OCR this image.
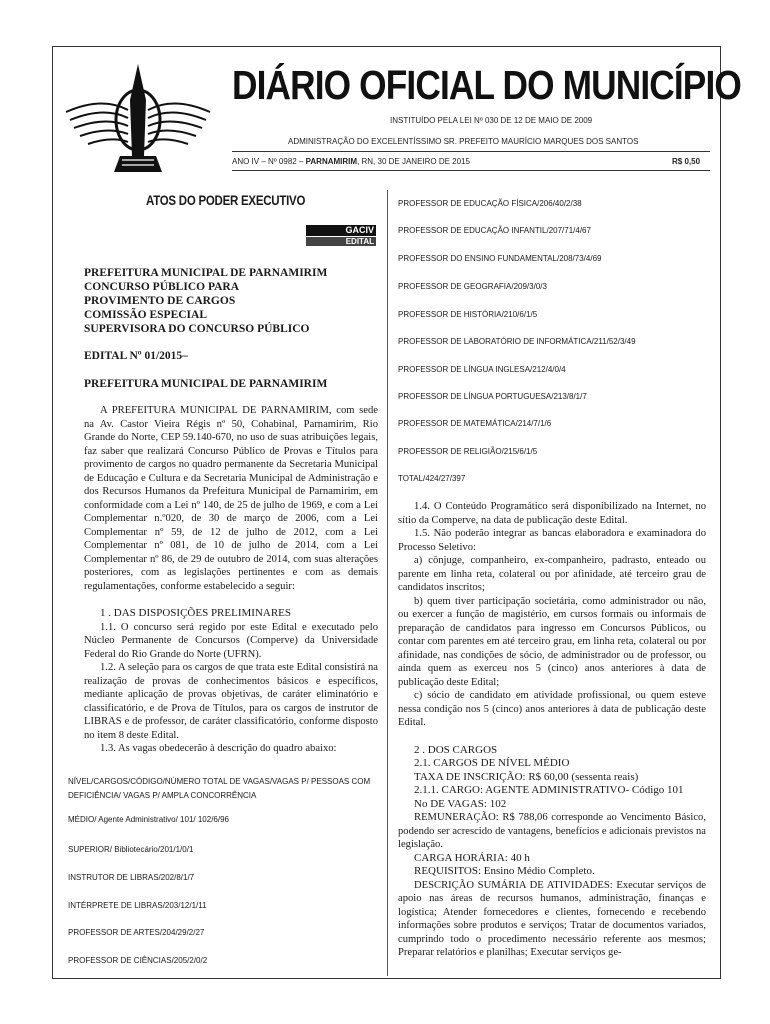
DIÁRIO OFICIAL DO MUNICÍPIO
INSTITUÍDO PELA LEI Nº 030 DE 12 DE MAIO DE 2009
ADMINISTRAÇÃO DO EXCELENTÍSSIMO SR. PREFEITO MAURÍCIO MARQUES DOS SANTOS
ANO IV – Nº 0982 – PARNAMIRIM, RN, 30 DE JANEIRO DE 2015	R$ 0,50
ATOS DO PODER EXECUTIVO
GACIV
EDITAL

PREFEITURA MUNICIPAL DE PARNAMIRIM

CONCURSO PÚBLICO PARA

PROVIMENTO DE CARGOS

COMISSÃO ESPECIAL

SUPERVISORA DO CONCURSO PÚBLICO

EDITAL Nº 01/2015–

PREFEITURA MUNICIPAL DE PARNAMIRIM

A PREFEITURA MUNICIPAL DE PARNAMIRIM, com sede na Av. Castor Vieira Régis nº 50, Cohabinal, Parnamirim, Rio Grande do Norte, CEP 59.140-670, no uso de suas atribuições legais, faz saber que realizará Concurso Público de Provas e Títulos para provimento de cargos no quadro permanente da Secretaria Municipal de Educação e Cultura e da Secretaria Municipal de Administração e dos Recursos Humanos da Prefeitura Municipal de Parnamirim, em conformidade com a Lei nº 140, de 25 de julho de 1969, e com a Lei Complementar n.º020, de 30 de março de 2006, com a Lei Complementar nº 59, de 12 de julho de 2012, com a Lei Complementar nº 081, de 10 de julho de 2014, com a Lei Complementar nº 86, de 29 de outubro de 2014, com suas alterações posteriores, com as legislações pertinentes e com as demais regulamentações, conforme estabelecido a seguir:

1 . DAS DISPOSIÇÕES PRELIMINARES

1.1. O concurso será regido por este Edital e executado pelo Núcleo Permanente de Concursos (Comperve) da Universidade Federal do Rio Grande do Norte (UFRN).

1.2. A seleção para os cargos de que trata este Edital consistirá na realização de provas de conhecimentos básicos e específicos, mediante aplicação de provas objetivas, de caráter eliminatório e classificatório, e de Prova de Títulos, para os cargos de instrutor de LIBRAS e de professor, de caráter classificatório, conforme disposto no item 8 deste Edital.

1.3. As vagas obedecerão à descrição do quadro abaixo:

NÍVEL/CARGOS/CÓDIGO/NÚMERO TOTAL DE VAGAS/VAGAS P/ PESSOAS COM DEFICIÊNCIA/ VAGAS P/ AMPLA CONCORRÊNCIA
MÉDIO/ Agente Administrativo/ 101/ 102/6/96
SUPERIOR/ Bibliotecário/201/1/0/1
INSTRUTOR DE LIBRAS/202/8/1/7
INTÉRPRETE DE LIBRAS/203/12/1/11
PROFESSOR DE ARTES/204/29/2/27
PROFESSOR DE CIÊNCIAS/205/2/0/2
PROFESSOR DE EDUCAÇÃO FÍSICA/206/40/2/38
PROFESSOR DE EDUCAÇÃO INFANTIL/207/71/4/67
PROFESSOR DO ENSINO FUNDAMENTAL/208/73/4/69
PROFESSOR DE GEOGRAFIA/209/3/0/3
PROFESSOR DE HISTÓRIA/210/6/1/5
PROFESSOR DE LABORATÓRIO DE INFORMÁTICA/211/52/3/49
PROFESSOR DE LÍNGUA INGLESA/212/4/0/4
PROFESSOR DE LÍNGUA PORTUGUESA/213/8/1/7
PROFESSOR DE MATEMÁTICA/214/7/1/6
PROFESSOR DE RELIGIÃO/215/6/1/5
TOTAL/424/27/397

1.4. O Conteúdo Programático será disponibilizado na Internet, no sítio da Comperve, na data de publicação deste Edital.

1.5. Não poderão integrar as bancas elaboradora e examinadora do Processo Seletivo:

a) cônjuge, companheiro, ex-companheiro, padrasto, enteado ou parente em linha reta, colateral ou por afinidade, até terceiro grau de candidatos inscritos;

b) quem tiver participação societária, como administrador ou não, ou exercer a função de magistério, em cursos formais ou informais de preparação de candidatos para ingresso em Concursos Públicos, ou contar com parentes em até terceiro grau, em linha reta, colateral ou por afinidade, nas condições de sócio, de administrador ou de professor, ou ainda quem as exerceu nos 5 (cinco) anos anteriores à data de publicação deste Edital;

c) sócio de candidato em atividade profissional, ou quem esteve nessa condição nos 5 (cinco) anos anteriores à data de publicação deste Edital.

2 . DOS CARGOS

2.1. CARGOS DE NÍVEL MÉDIO

TAXA DE INSCRIÇÃO: R$ 60,00 (sessenta reais)

2.1.1. CARGO: AGENTE ADMINISTRATIVO- Código 101

No DE VAGAS: 102

REMUNERAÇÃO: R$ 788,06 corresponde ao Vencimento Básico, podendo ser acrescido de vantagens, benefícios e adicionais previstos na legislação.

CARGA HORÁRIA: 40 h

REQUISITOS: Ensino Médio Completo.

DESCRIÇÃO SUMÁRIA DE ATIVIDADES: Executar serviços de apoio nas áreas de recursos humanos, administração, finanças e logística; Atender fornecedores e clientes, fornecendo e recebendo informações sobre produtos e serviços; Tratar de documentos variados, cumprindo todo o procedimento necessário referente aos mesmos; Preparar relatórios e planilhas; Executar serviços ge-
